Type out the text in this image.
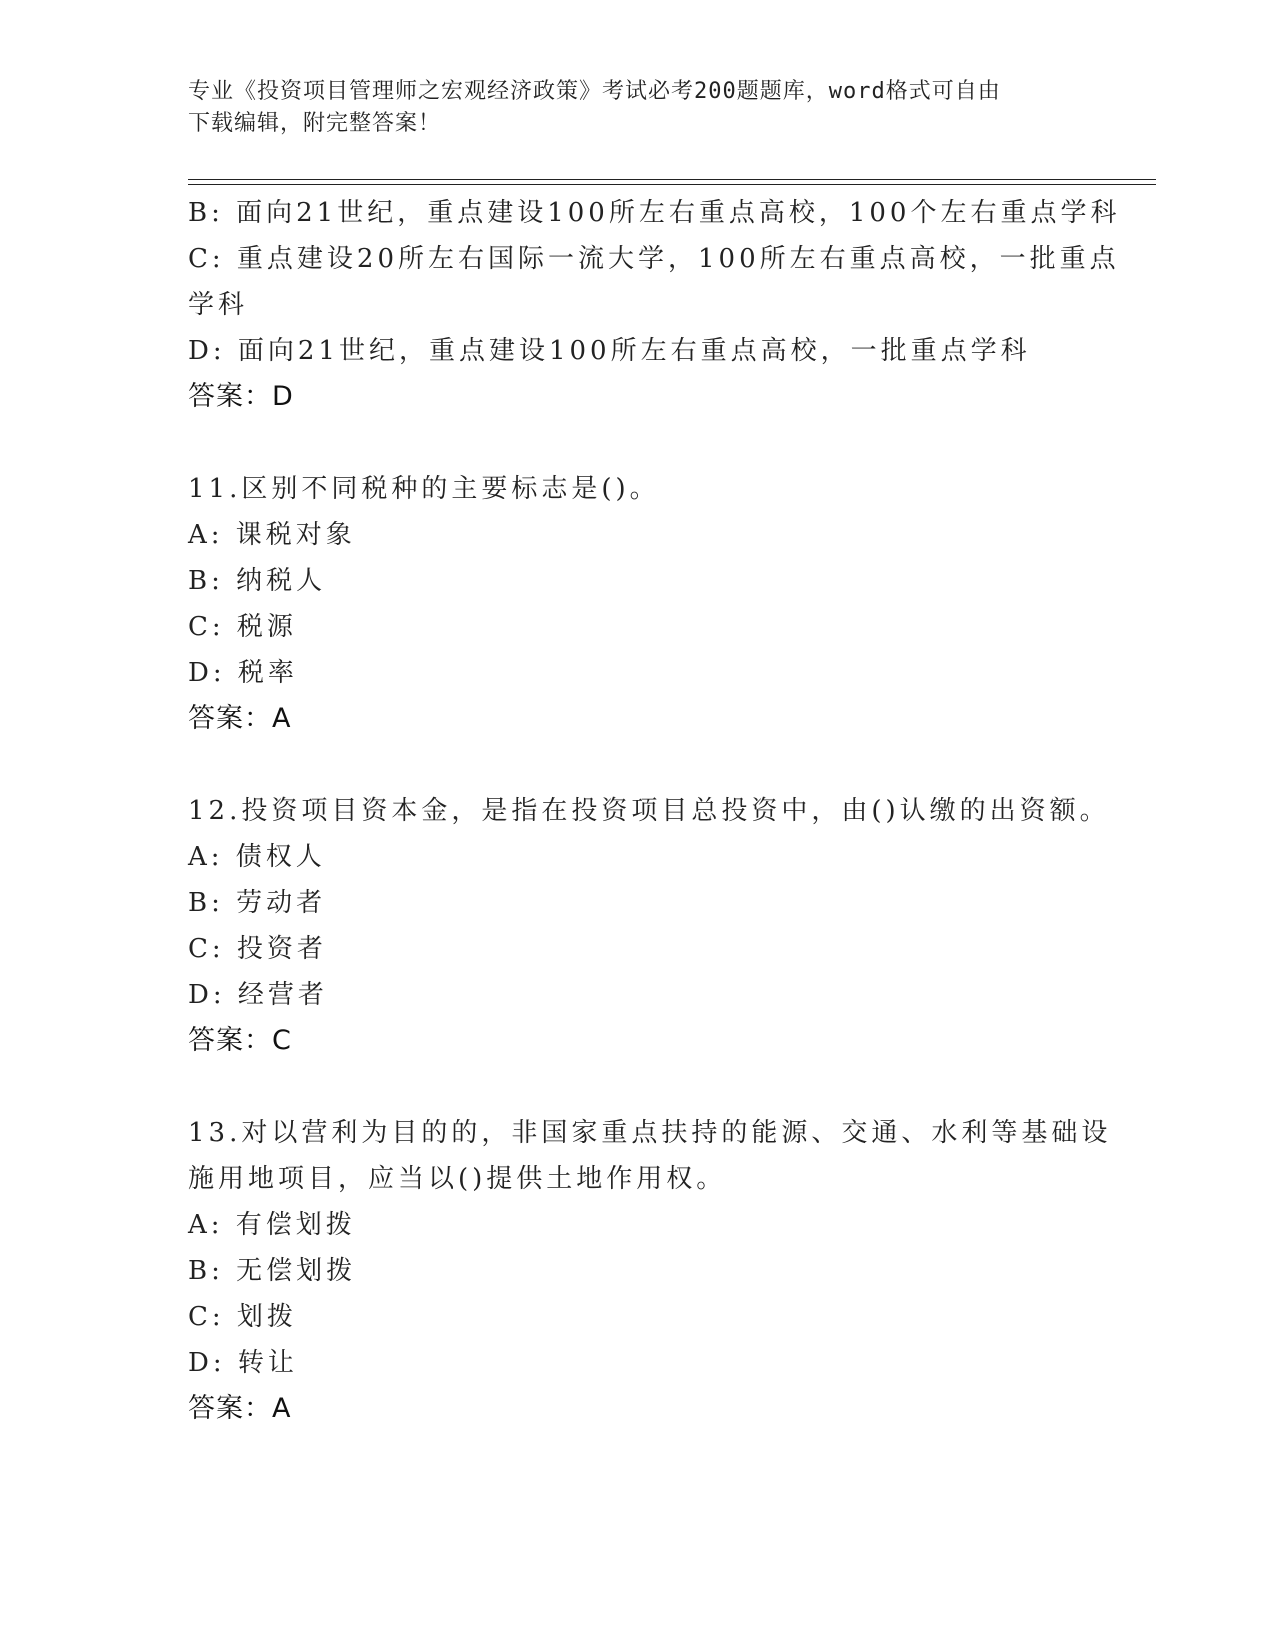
专业《投资项目管理师之宏观经济政策》考试必考200题题库，word格式可自由
下载编辑，附完整答案！
B: 面向21世纪，重点建设100所左右重点高校，100个左右重点学科
C: 重点建设20所左右国际一流大学，100所左右重点高校，一批重点
学科
D: 面向21世纪，重点建设100所左右重点高校，一批重点学科
答案：D
11.区别不同税种的主要标志是()。
A: 课税对象
B: 纳税人
C: 税源
D: 税率
答案：A
12.投资项目资本金，是指在投资项目总投资中，由()认缴的出资额。
A: 债权人
B: 劳动者
C: 投资者
D: 经营者
答案：C
13.对以营利为目的的，非国家重点扶持的能源、交通、水利等基础设
施用地项目，应当以()提供土地作用权。
A: 有偿划拨
B: 无偿划拨
C: 划拨
D: 转让
答案：A
